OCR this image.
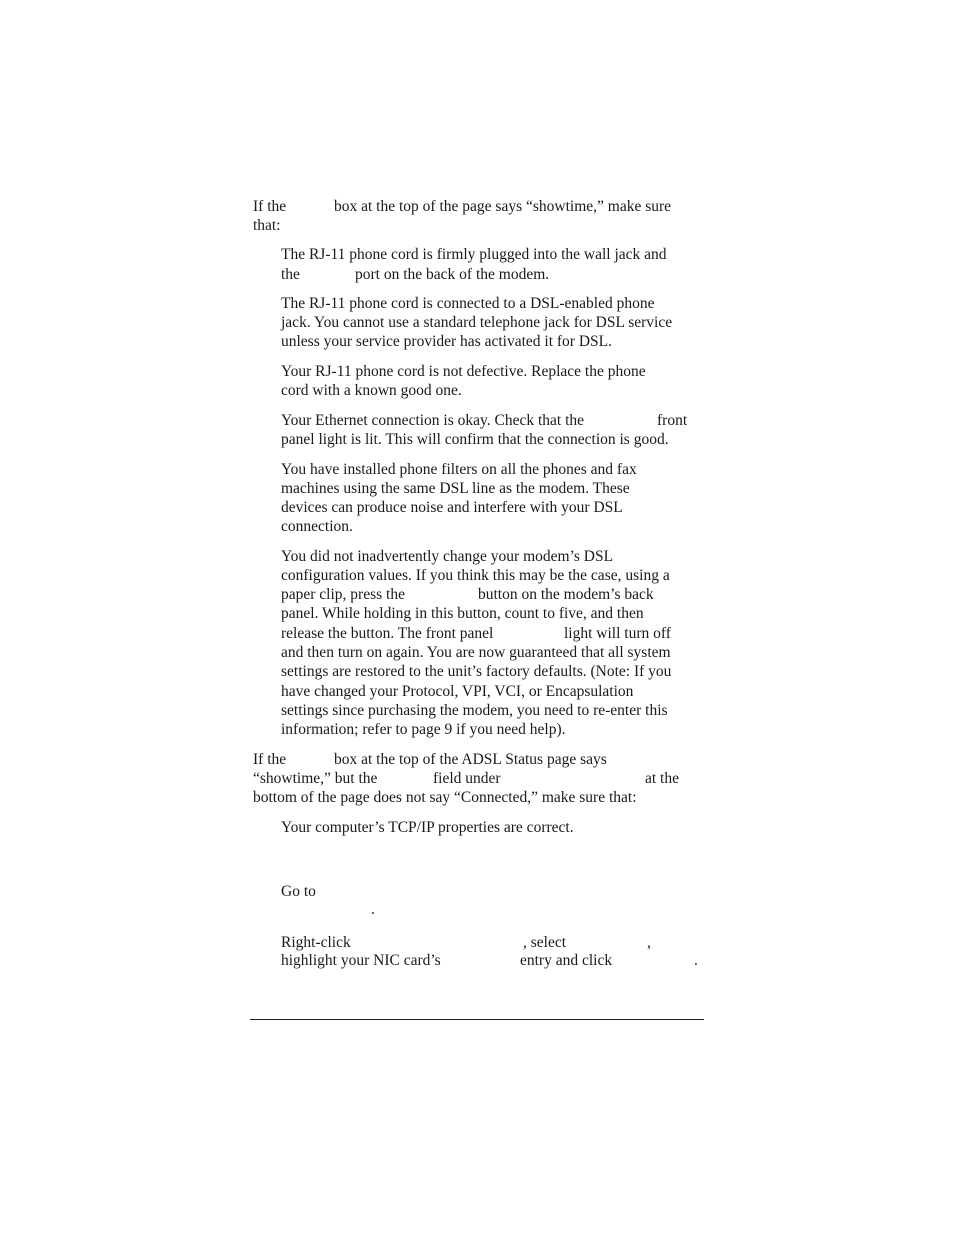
If the	box at the top of the page says “showtime,” make sure
that:
The RJ-11 phone cord is firmly plugged into the wall jack and
the	port on the back of the modem.
The RJ-11 phone cord is connected to a DSL-enabled phone
jack. You cannot use a standard telephone jack for DSL service
unless your service provider has activated it for DSL.
Your RJ-11 phone cord is not defective. Replace the phone
cord with a known good one.
Your Ethernet connection is okay. Check that the	front
panel light is lit. This will confirm that the connection is good.
You have installed phone filters on all the phones and fax
machines using the same DSL line as the modem. These
devices can produce noise and interfere with your DSL
connection.
You did not inadvertently change your modem’s DSL
configuration values. If you think this may be the case, using a
paper clip, press the	button on the modem’s back
panel. While holding in this button, count to five, and then
release the button. The front panel	light will turn off
and then turn on again. You are now guaranteed that all system
settings are restored to the unit’s factory defaults. (Note: If you
have changed your Protocol, VPI, VCI, or Encapsulation
settings since purchasing the modem, you need to re-enter this
information; refer to page 9 if you need help).
If the	box at the top of the ADSL Status page says
“showtime,” but the	field under	at the
bottom of the page does not say “Connected,” make sure that:
Your computer’s TCP/IP properties are correct.
Go to
.
Right-click	, select	,
highlight your NIC card’s	entry and click	.
